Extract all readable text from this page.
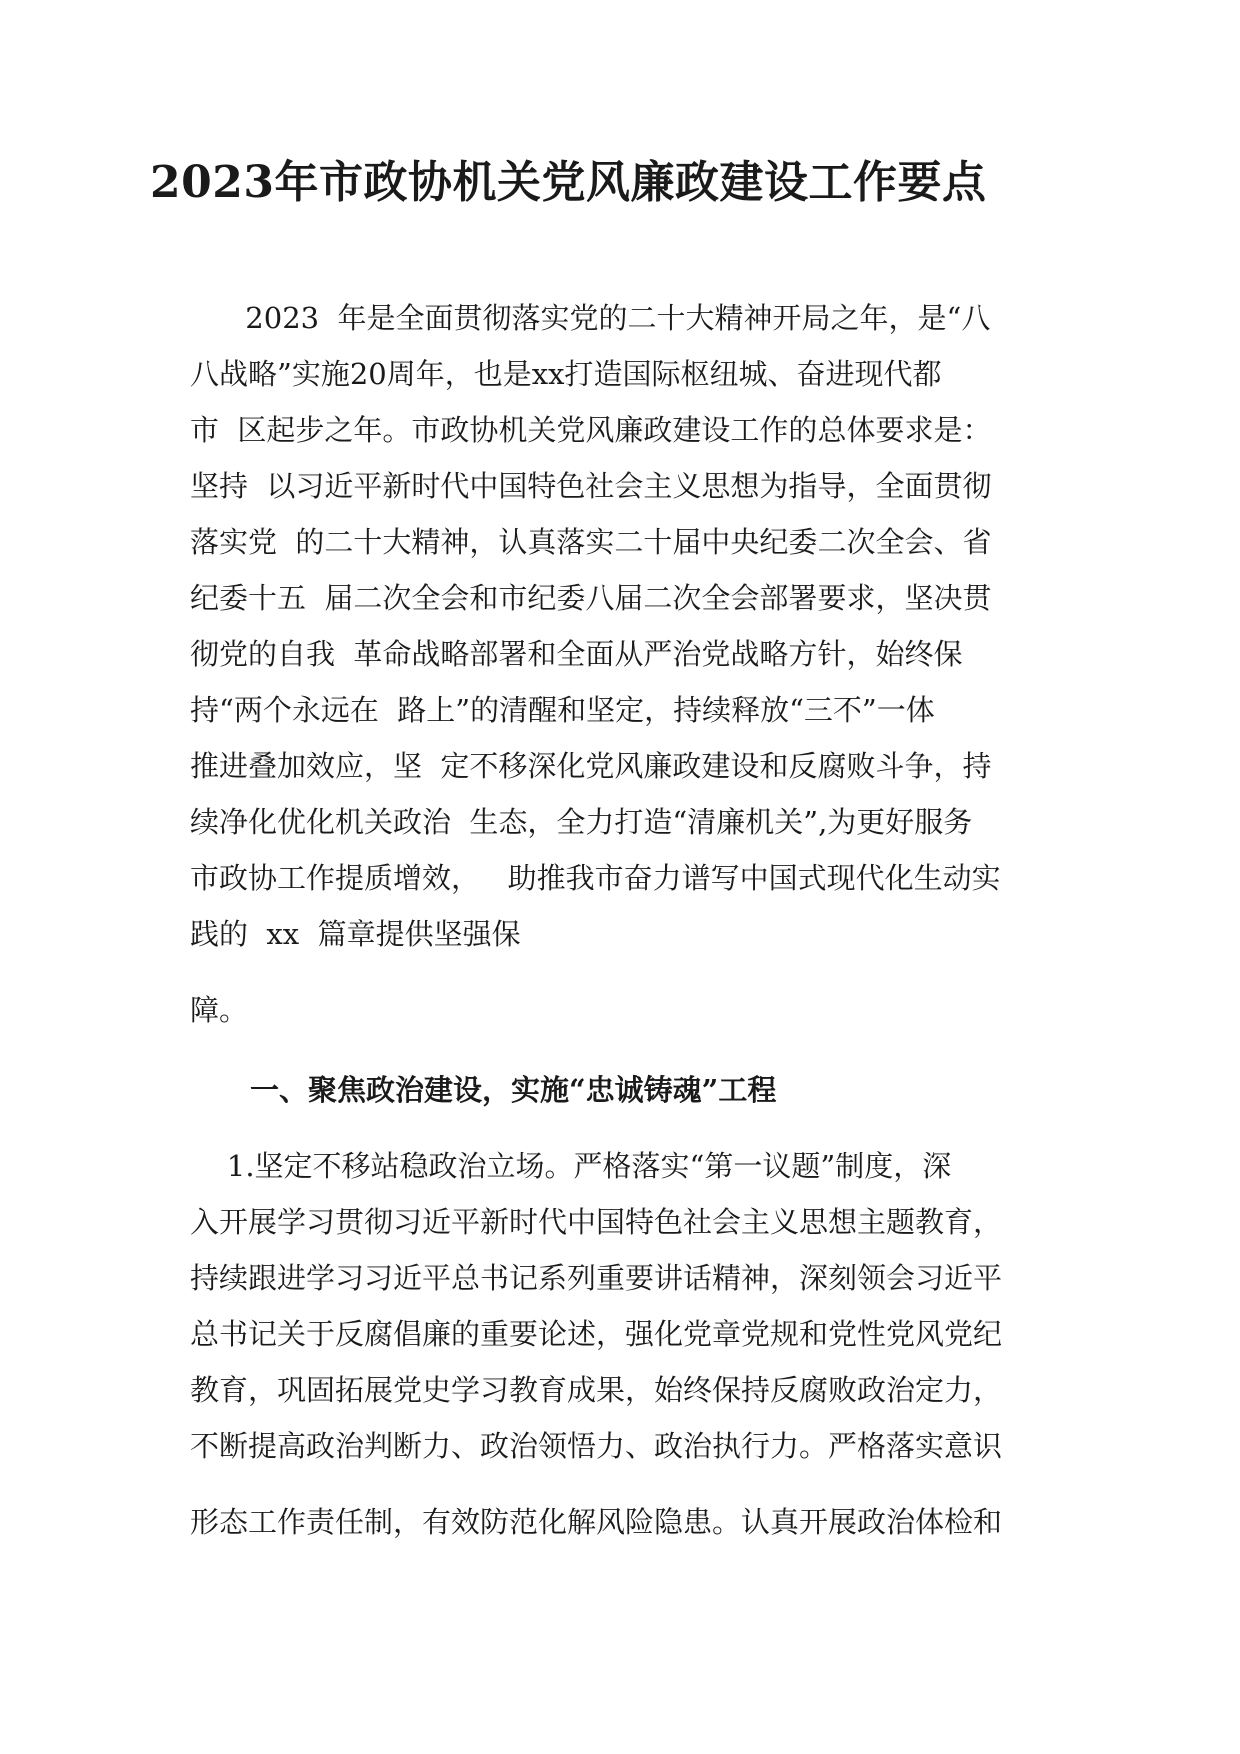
2023年市政协机关党风廉政建设工作要点

2023  年是全面贯彻落实党的二十大精神开局之年，是“八

八战略”实施20周年，也是xx打造国际枢纽城、奋进现代都

市  区起步之年。市政协机关党风廉政建设工作的总体要求是：

坚持  以习近平新时代中国特色社会主义思想为指导，全面贯彻

落实党  的二十大精神，认真落实二十届中央纪委二次全会、省

纪委十五  届二次全会和市纪委八届二次全会部署要求，坚决贯

彻党的自我  革命战略部署和全面从严治党战略方针，始终保

持“两个永远在  路上”的清醒和坚定，持续释放“三不”一体

推进叠加效应，坚  定不移深化党风廉政建设和反腐败斗争，持

续净化优化机关政治  生态，全力打造“清廉机关”,为更好服务

市政协工作提质增效，   助推我市奋力谱写中国式现代化生动实

践的  xx  篇章提供坚强保

障。

一、聚焦政治建设，实施“忠诚铸魂”工程

1.坚定不移站稳政治立场。严格落实“第一议题”制度，深

入开展学习贯彻习近平新时代中国特色社会主义思想主题教育，

持续跟进学习习近平总书记系列重要讲话精神，深刻领会习近平

总书记关于反腐倡廉的重要论述，强化党章党规和党性党风党纪

教育，巩固拓展党史学习教育成果，始终保持反腐败政治定力，

不断提高政治判断力、政治领悟力、政治执行力。严格落实意识

形态工作责任制，有效防范化解风险隐患。认真开展政治体检和
